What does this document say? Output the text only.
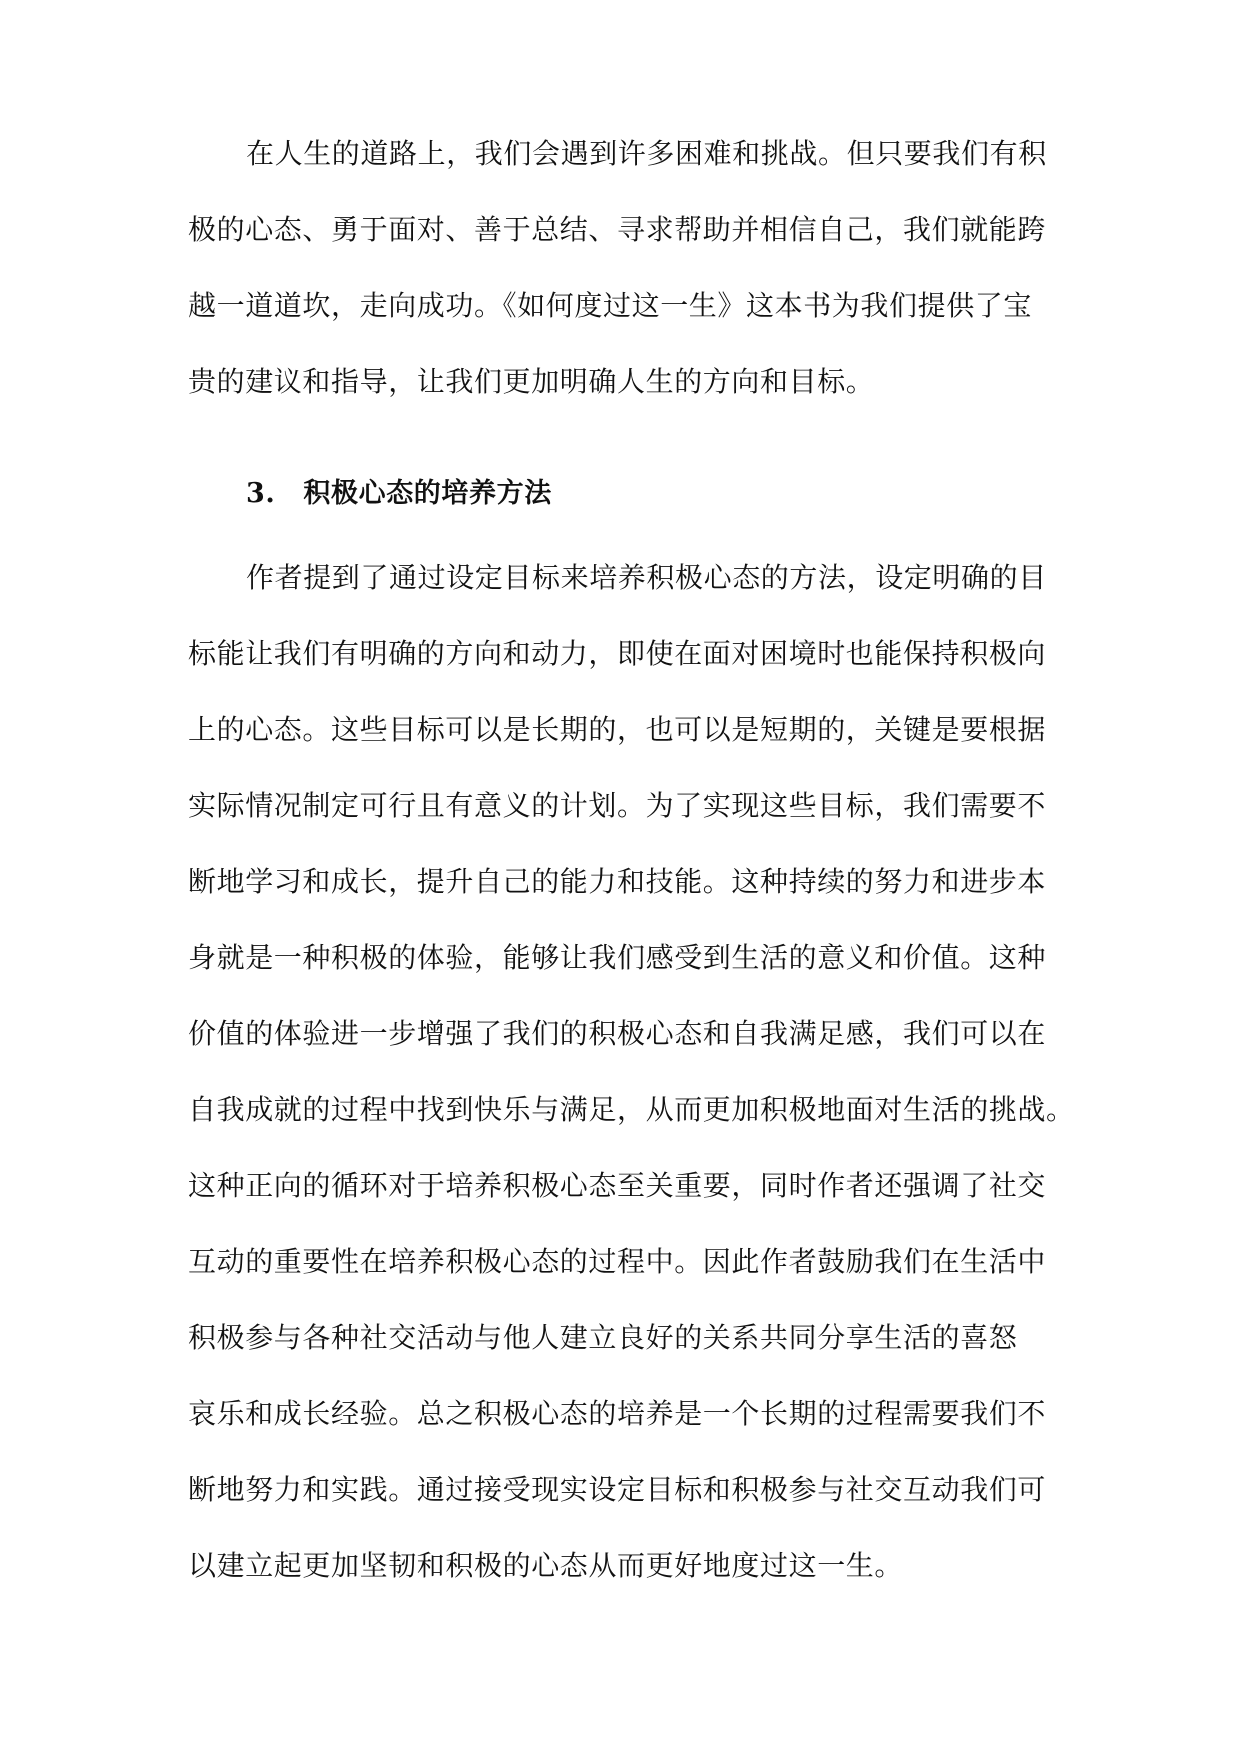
在人生的道路上，我们会遇到许多困难和挑战。但只要我们有积
极的心态、勇于面对、善于总结、寻求帮助并相信自己，我们就能跨
越一道道坎，走向成功。《如何度过这一生》这本书为我们提供了宝
贵的建议和指导，让我们更加明确人生的方向和目标。
3. 积极心态的培养方法
作者提到了通过设定目标来培养积极心态的方法，设定明确的目
标能让我们有明确的方向和动力，即使在面对困境时也能保持积极向
上的心态。这些目标可以是长期的，也可以是短期的，关键是要根据
实际情况制定可行且有意义的计划。为了实现这些目标，我们需要不
断地学习和成长，提升自己的能力和技能。这种持续的努力和进步本
身就是一种积极的体验，能够让我们感受到生活的意义和价值。这种
价值的体验进一步增强了我们的积极心态和自我满足感，我们可以在
自我成就的过程中找到快乐与满足，从而更加积极地面对生活的挑战。
这种正向的循环对于培养积极心态至关重要，同时作者还强调了社交
互动的重要性在培养积极心态的过程中。因此作者鼓励我们在生活中
积极参与各种社交活动与他人建立良好的关系共同分享生活的喜怒
哀乐和成长经验。总之积极心态的培养是一个长期的过程需要我们不
断地努力和实践。通过接受现实设定目标和积极参与社交互动我们可
以建立起更加坚韧和积极的心态从而更好地度过这一生。
